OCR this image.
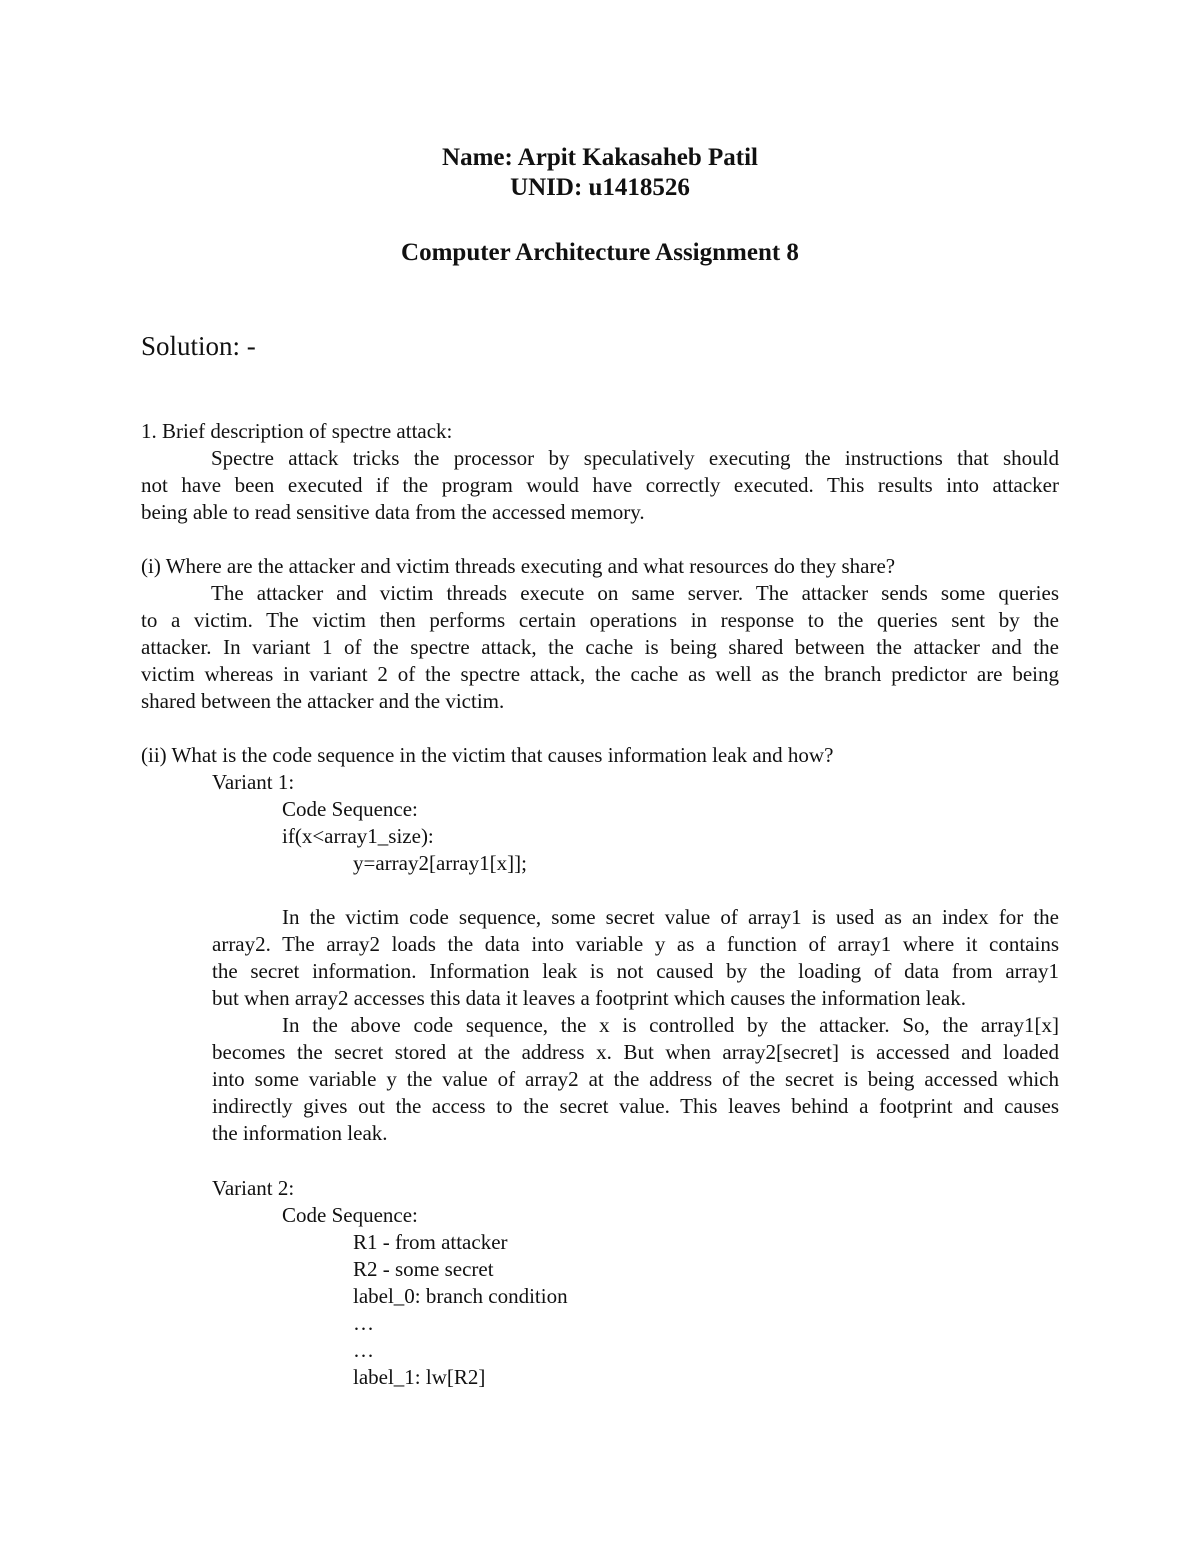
Name: Arpit Kakasaheb Patil
UNID: u1418526
Computer Architecture Assignment 8
Solution: -
1. Brief description of spectre attack:
Spectre attack tricks the processor by speculatively executing the instructions that should
not have been executed if the program would have correctly executed. This results into attacker
being able to read sensitive data from the accessed memory.
(i) Where are the attacker and victim threads executing and what resources do they share?
The attacker and victim threads execute on same server. The attacker sends some queries
to a victim. The victim then performs certain operations in response to the queries sent by the
attacker. In variant 1 of the spectre attack, the cache is being shared between the attacker and the
victim whereas in variant 2 of the spectre attack, the cache as well as the branch predictor are being
shared between the attacker and the victim.
(ii) What is the code sequence in the victim that causes information leak and how?
Variant 1:
Code Sequence:
if(x<array1_size):
y=array2[array1[x]];
In the victim code sequence, some secret value of array1 is used as an index for the
array2. The array2 loads the data into variable y as a function of array1 where it contains
the secret information. Information leak is not caused by the loading of data from array1
but when array2 accesses this data it leaves a footprint which causes the information leak.
In the above code sequence, the x is controlled by the attacker. So, the array1[x]
becomes the secret stored at the address x. But when array2[secret] is accessed and loaded
into some variable y the value of array2 at the address of the secret is being accessed which
indirectly gives out the access to the secret value. This leaves behind a footprint and causes
the information leak.
Variant 2:
Code Sequence:
R1 - from attacker
R2 - some secret
label_0: branch condition
…
…
label_1: lw[R2]
